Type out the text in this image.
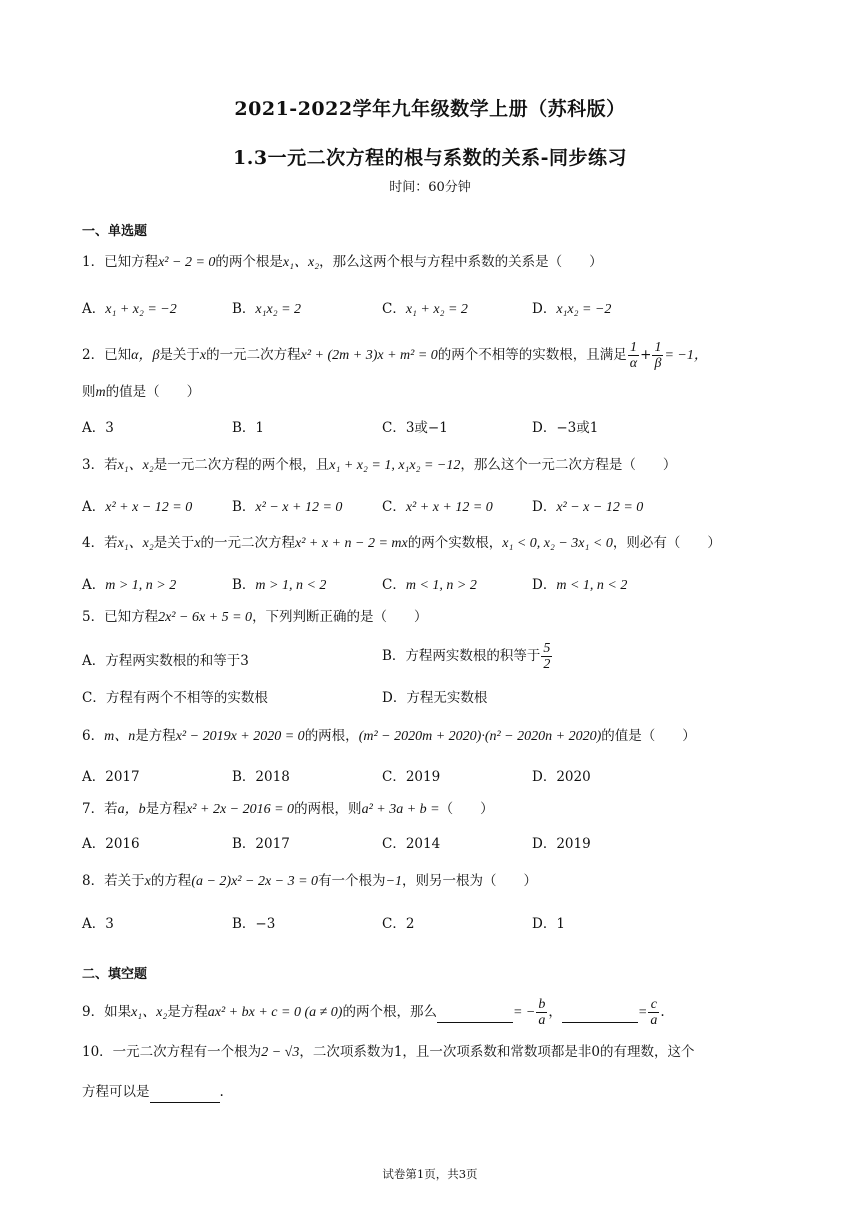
2021-2022学年九年级数学上册（苏科版）
1.3一元二次方程的根与系数的关系-同步练习
时间：60分钟
一、单选题
1．已知方程x² − 2 = 0的两个根是x₁、x₂，那么这两个根与方程中系数的关系是（　　）
A．x₁ + x₂ = −2	B．x₁x₂ = 2	C．x₁ + x₂ = 2	D．x₁x₂ = −2
2．已知α，β是关于x的一元二次方程x² + (2m + 3)x + m² = 0的两个不相等的实数根，且满足 $\frac{1}{\alpha} + \frac{1}{\beta} = -1$，
则m的值是（　　）
A．3	B．1	C．3或−1	D．−3或1
3．若x₁、x₂是一元二次方程的两个根，且x₁ + x₂ = 1, x₁x₂ = −12，那么这个一元二次方程是（　　）
A．x² + x − 12 = 0	B．x² − x + 12 = 0	C．x² + x + 12 = 0	D．x² − x − 12 = 0
4．若x₁、x₂是关于x的一元二次方程x² + x + n − 2 = mx的两个实数根，x₁ < 0, x₂ − 3x₁ < 0，则必有（　　）
A．m > 1, n > 2	B．m > 1, n < 2	C．m < 1, n > 2	D．m < 1, n < 2
5．已知方程2x² − 6x + 5 = 0，下列判断正确的是（　　）
A．方程两实数根的和等于3	B．方程两实数根的积等于 $\frac{5}{2}$
C．方程有两个不相等的实数根	D．方程无实数根
6．m、n是方程x² − 2019x + 2020 = 0的两根，(m² − 2020m + 2020)·(n² − 2020n + 2020)的值是（　　）
A．2017	B．2018	C．2019	D．2020
7．若a，b是方程x² + 2x − 2016 = 0的两根，则a² + 3a + b =（　　）
A．2016	B．2017	C．2014	D．2019
8．若关于x的方程(a − 2)x² − 2x − 3 = 0有一个根为−1，则另一根为（　　）
A．3	B．−3	C．2	D．1
二、填空题
9．如果x₁、x₂是方程ax² + bx + c = 0 (a ≠ 0)的两个根，那么	= − $\frac{b}{a}$ ，	= $\frac{c}{a}$ .
10．一元二次方程有一个根为2 − √3，二次项系数为1，且一次项系数和常数项都是非0的有理数，这个
方程可以是	.
试卷第1页，共3页
